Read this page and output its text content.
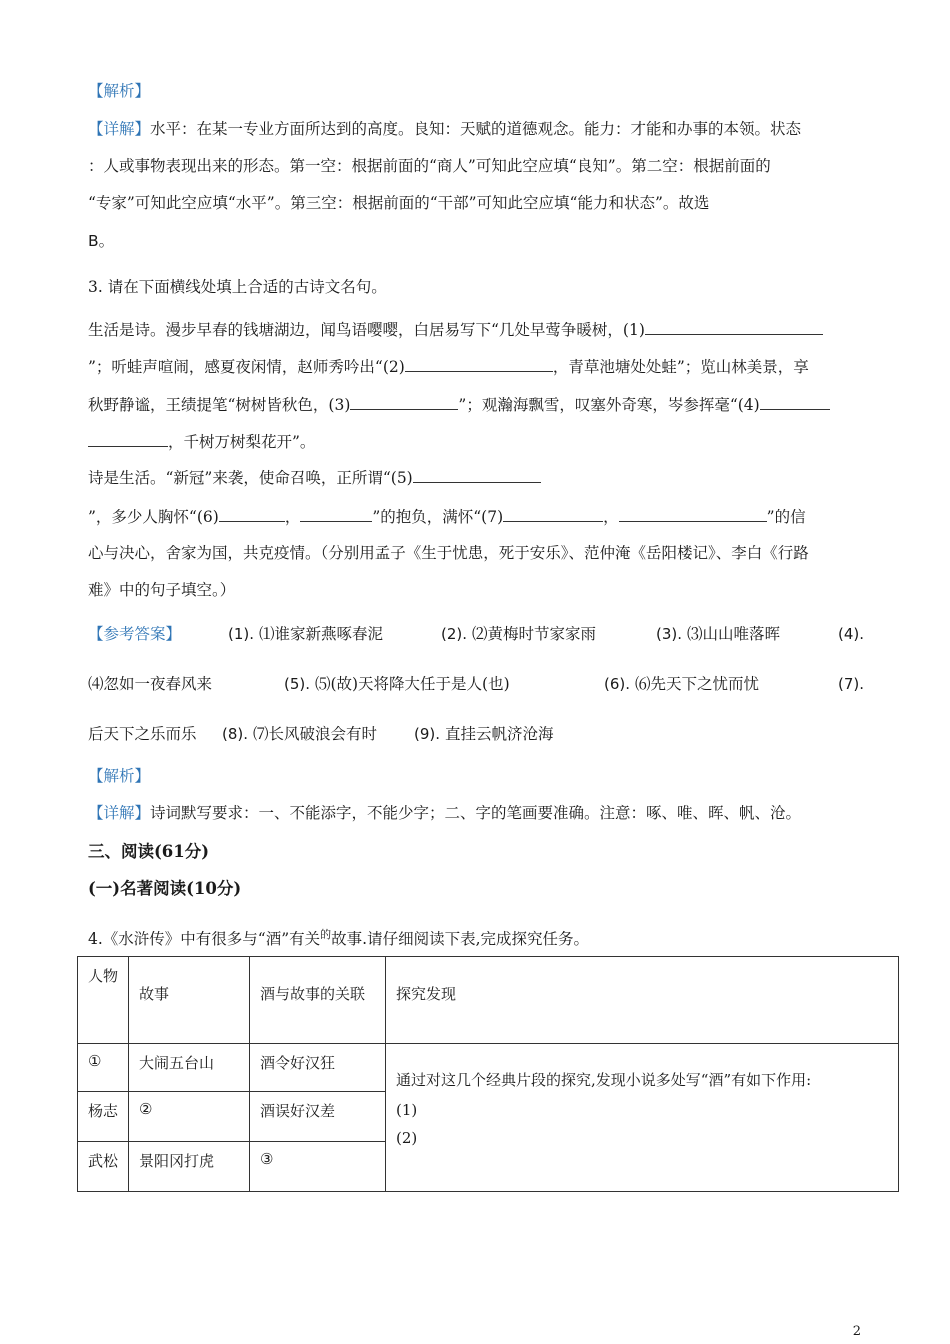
【解析】
【详解】水平：在某一专业方面所达到的高度。良知：天赋的道德观念。能力：才能和办事的本领。状态
：人或事物表现出来的形态。第一空：根据前面的“商人”可知此空应填“良知”。第二空：根据前面的
“专家”可知此空应填“水平”。第三空：根据前面的“干部”可知此空应填“能力和状态”。故选
B。
3. 请在下面横线处填上合适的古诗文名句。
生活是诗。漫步早春的钱塘湖边，闻鸟语嘤嘤，白居易写下“几处早莺争暖树，(1)
”；听蛙声喧闹，感夏夜闲情，赵师秀吟出“(2)	，青草池塘处处蛙”；览山林美景，享
秋野静谧，王绩提笔“树树皆秋色，(3)	”；观瀚海飘雪，叹塞外奇寒，岑参挥毫“(4)
，千树万树梨花开”。
诗是生活。“新冠”来袭，使命召唤，正所谓“(5)
”，多少人胸怀“(6)	，	”的抱负，满怀“(7)	，	”的信
心与决心，舍家为国，共克疫情。（分别用孟子《生于忧患，死于安乐》、范仲淹《岳阳楼记》、李白《行路
难》中的句子填空。）
【参考答案】	(1). ⑴谁家新燕啄春泥	(2). ⑵黄梅时节家家雨	(3). ⑶山山唯落晖	(4).
⑷忽如一夜春风来	(5). ⑸(故)天将降大任于是人(也)	(6). ⑹先天下之忧而忧	(7).
后天下之乐而乐 (8). ⑺长风破浪会有时 (9). 直挂云帆济沧海
【解析】
【详解】诗词默写要求：一、不能添字，不能少字；二、字的笔画要准确。注意：啄、唯、晖、帆、沧。
三、阅读(61分)
(一)名著阅读(10分)
4.《水浒传》中有很多与“酒”有关$^的$故事.请仔细阅读下表,完成探究任务。
人物	故事	酒与故事的关联	探究发现
①	大闹五台山	酒令好汉狂	通过对这几个经典片段的探究,发现小说多处写“酒”有如下作用:
(1)
(2)

杨志	②	酒误好汉差	
武松	景阳冈打虎	③	
2
